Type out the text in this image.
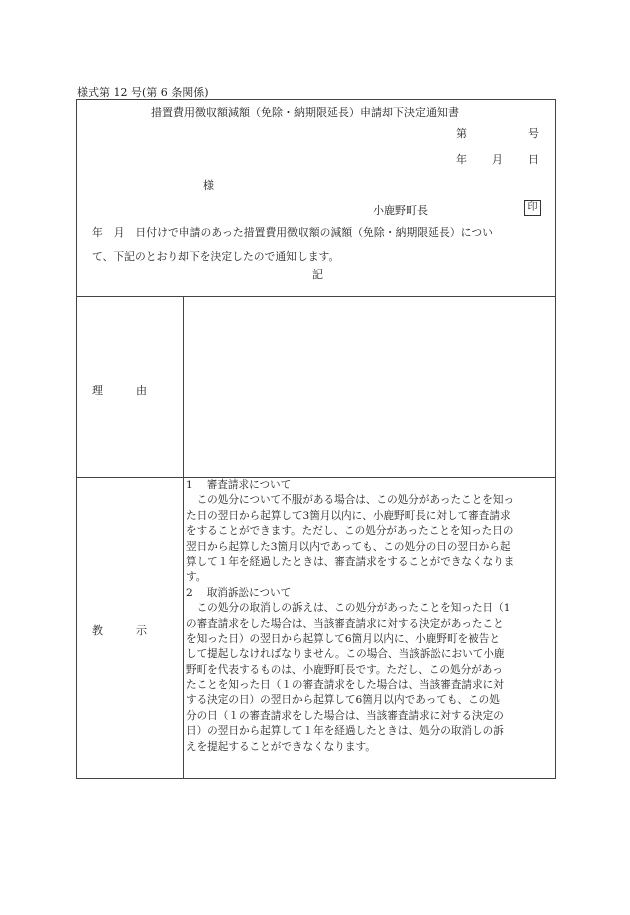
様式第 12 号(第 6 条関係)
措置費用徴収額減額（免除・納期限延長）申請却下決定通知書
第	号
年 月 日
様
小鹿野町長	印
年　月　日付けで申請のあった措置費用徴収額の減額（免除・納期限延長）につい
て、下記のとおり却下を決定したので通知します。
記
理　　　由
教　　　示
1　 審査請求について
　この処分について不服がある場合は、この処分があったことを知っ
た日の翌日から起算して3箇月以内に、小鹿野町長に対して審査請求
をすることができます。ただし、この処分があったことを知った日の
翌日から起算した3箇月以内であっても、この処分の日の翌日から起
算して１年を経過したときは、審査請求をすることができなくなりま
す。
2　 取消訴訟について
　この処分の取消しの訴えは、この処分があったことを知った日（1
の審査請求をした場合は、当該審査請求に対する決定があったこと
を知った日）の翌日から起算して6箇月以内に、小鹿野町を被告と
して提起しなければなりません。この場合、当該訴訟において小鹿
野町を代表するものは、小鹿野町長です。ただし、この処分があっ
たことを知った日（１の審査請求をした場合は、当該審査請求に対
する決定の日）の翌日から起算して6箇月以内であっても、この処
分の日（１の審査請求をした場合は、当該審査請求に対する決定の
日）の翌日から起算して１年を経過したときは、処分の取消しの訴
えを提起することができなくなります。
